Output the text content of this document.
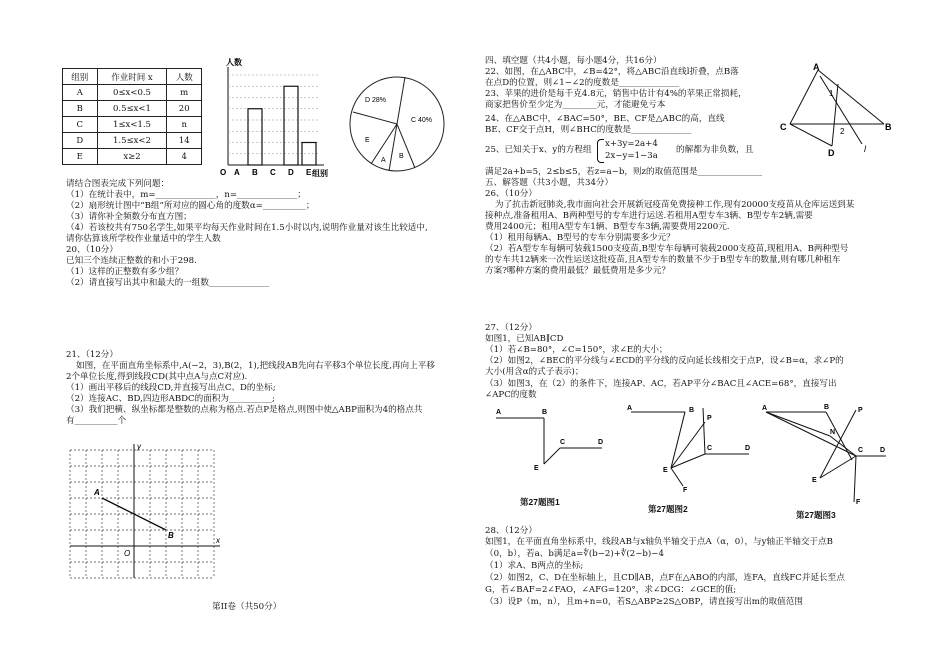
组别	作业时间 x	人数
A	0≤x<0.5	m
B	0.5≤x<1	20
C	1≤x<1.5	n
D	1.5≤x<2	14
E	x≥2	4
人数
O A B C D E 组别
D 28%
C 40%
B
A
E
请结合图表完成下列问题：
（1）在统计表中，m=______________，n=______________；
（2）扇形统计图中“B组”所对应的圆心角的度数α=__________；
（3）请你补全频数分布直方图；
（4）若该校共有750名学生,如果平均每天作业时间在1.5小时以内,说明作业量对该生比较适中,
请你估算该所学校作业量适中的学生人数
20、（10分）
已知三个连续正整数的和小于298.
（1）这样的正整数有多少组？
（2）请直接写出其中和最大的一组数______________
21、（12分）
如图，在平面直角坐标系中,A(−2，3),B(2，1),把线段AB先向右平移3个单位长度,再向上平移
2个单位长度,得到线段CD(其中点A与点C对应).
（1）画出平移后的线段CD,并直接写出点C、D的坐标;
（2）连接AC、BD,四边形ABDC的面积为__________;
（3）我们把横、纵坐标都是整数的点称为格点.若点P是格点,则图中使△ABP面积为4的格点共
有__________个
A
B
O
x
y
第II卷（共50分）
四、填空题（共4小题，每小题4分，共16分）
22、如图，在△ABC中，∠B=42°，将△ABC沿直线l折叠，点B落
在点D的位置，则∠1−∠2的度数是______________
23、苹果的进价是每千克4.8元，销售中估计有4%的苹果正常损耗，
商家把售价至少定为________元，才能避免亏本
24、在△ABC中，∠BAC=50°，BE、CF是△ABC的高，直线
BE、CF交于点H，则∠BHC的度数是______________
25、已知关于x、y的方程组
x+3y=2a+4
2x−y=1−3a
的解都为非负数，且
满足2a+b=5，2≤b≤5，若z=a−b，则z的取值范围是_______________
A
B
C
D	l
1
2
五、解答题（共3小题，共34分）
26、（10分）
为了抗击新冠肺炎,我市面向社会开展新冠疫苗免费接种工作,现有20000支疫苗从仓库运送到某
接种点,准备租用A、B两种型号的专车进行运送.若租用A型专车3辆、B型专车2辆,需要
费用2400元；租用A型专车1辆、B型专车3辆,需要费用2200元.
（1）租用每辆A、B型号的专车分别需要多少元？
（2）若A型专车每辆可装载1500支疫苗,B型专车每辆可装载2000支疫苗,现租用A、B两种型号
的专车共12辆来一次性运送这批疫苗,且A型专车的数量不少于B型专车的数量,则有哪几种租车
方案?哪种方案的费用最低？最低费用是多少元？
27、（12分）
如图1，已知AB∥CD
（1）若∠B=80°，∠C=150°，求∠E的大小；
（2）如图2，∠BEC的平分线与∠ECD的平分线的反向延长线相交于点P，设∠B=α，求∠P的
大小(用含α的式子表示)；
（3）如图3，在（2）的条件下，连接AP、AC，若AP平分∠BAC且∠ACE=68°，直接写出
∠APC的度数
A	B
E
C	D
第27题图1
A	B
P
E
C	D
F
第27题图2
A	B
N
P
E
C D
F
第27题图3
28、（12分）
如图1，在平面直角坐标系中，线段AB与x轴负半轴交于点A（α，0），与y轴正半轴交于点B
（0，b），若a、b满足a=∜(b−2)+∜(2−b)−4
（1）求A、B两点的坐标;
（2）如图2，C、D在坐标轴上，且CD∥AB，点F在△ABO的内部，连FA，直线FC并延长至点
G，若∠BAF=2∠FAO，∠AFG=120°，求∠DCG：∠GCE的值;
（3）设P（m，n），且m+n=0，若S△ABP≥2S△OBP，请直接写出m的取值范围
